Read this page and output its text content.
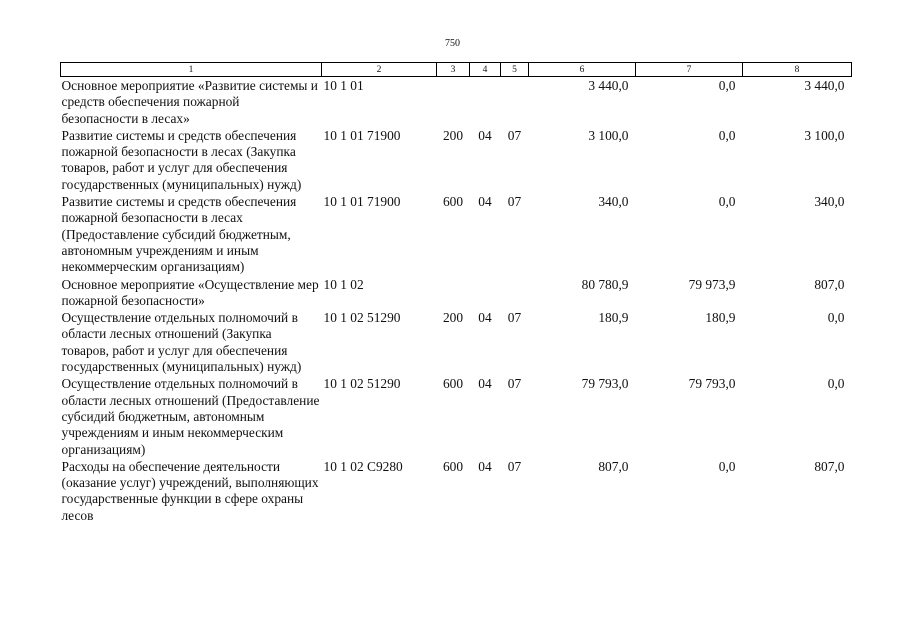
750
1	2	3	4	5	6	7	8
Основное мероприятие «Развитие системы и средств обеспечения пожарной безопасности в лесах»	10 1 01				3 440,0	0,0	3 440,0
Развитие системы и средств обеспечения пожарной безопасности в лесах (Закупка товаров, работ и услуг для обеспечения государственных (муниципальных) нужд)	10 1 01 71900	200	04	07	3 100,0	0,0	3 100,0
Развитие системы и средств обеспечения пожарной безопасности в лесах (Предоставление субсидий бюджетным, автономным учреждениям и иным некоммерческим организациям)	10 1 01 71900	600	04	07	340,0	0,0	340,0
Основное мероприятие «Осуществление мер пожарной безопасности»	10 1 02				80 780,9	79 973,9	807,0
Осуществление отдельных полномочий в области лесных отношений (Закупка товаров, работ и услуг для обеспечения государственных (муниципальных) нужд)	10 1 02 51290	200	04	07	180,9	180,9	0,0
Осуществление отдельных полномочий в области лесных отношений (Предоставление субсидий бюджетным, автономным учреждениям и иным некоммерческим организациям)	10 1 02 51290	600	04	07	79 793,0	79 793,0	0,0
Расходы на обеспечение деятельности (оказание услуг) учреждений, выполняющих государственные функции в сфере охраны лесов	10 1 02 С9280	600	04	07	807,0	0,0	807,0
